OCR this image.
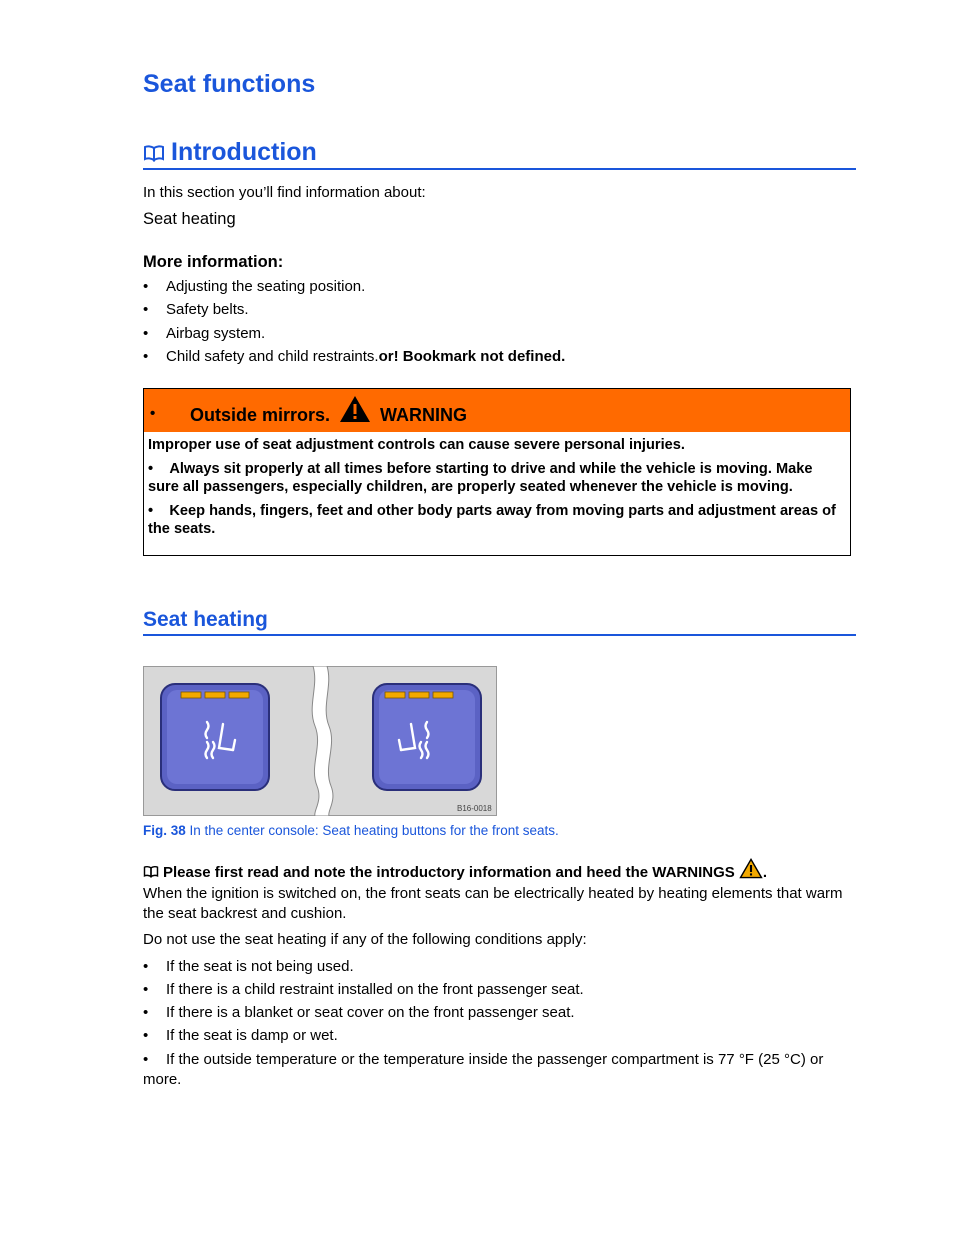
Seat functions
Introduction

In this section you’ll find information about:

Seat heating

More information:

•	Adjusting the seating position.
•	Safety belts.
•	Airbag system.
•	Child safety and child restraints.or! Bookmark not defined.
• Outside mirrors.	WARNING

Improper use of seat adjustment controls can cause severe personal injuries.

•    Always sit properly at all times before starting to drive and while the vehicle is moving. Make sure all passengers, especially children, are properly seated whenever the vehicle is moving.

•    Keep hands, fingers, feet and other body parts away from moving parts and adjustment areas of the seats.

Seat heating
B16-0018

Fig. 38 In the center console: Seat heating buttons for the front seats.

Please first read and note the introductory information and heed the WARNINGS .

When the ignition is switched on, the front seats can be electrically heated by heating elements that warm the seat backrest and cushion.

Do not use the seat heating if any of the following conditions apply:

•	If the seat is not being used.
•	If there is a child restraint installed on the front passenger seat.
•	If there is a blanket or seat cover on the front passenger seat.
•	If the seat is damp or wet.
•	If the outside temperature or the temperature inside the passenger compartment is 77 °F (25 °C) or more.
